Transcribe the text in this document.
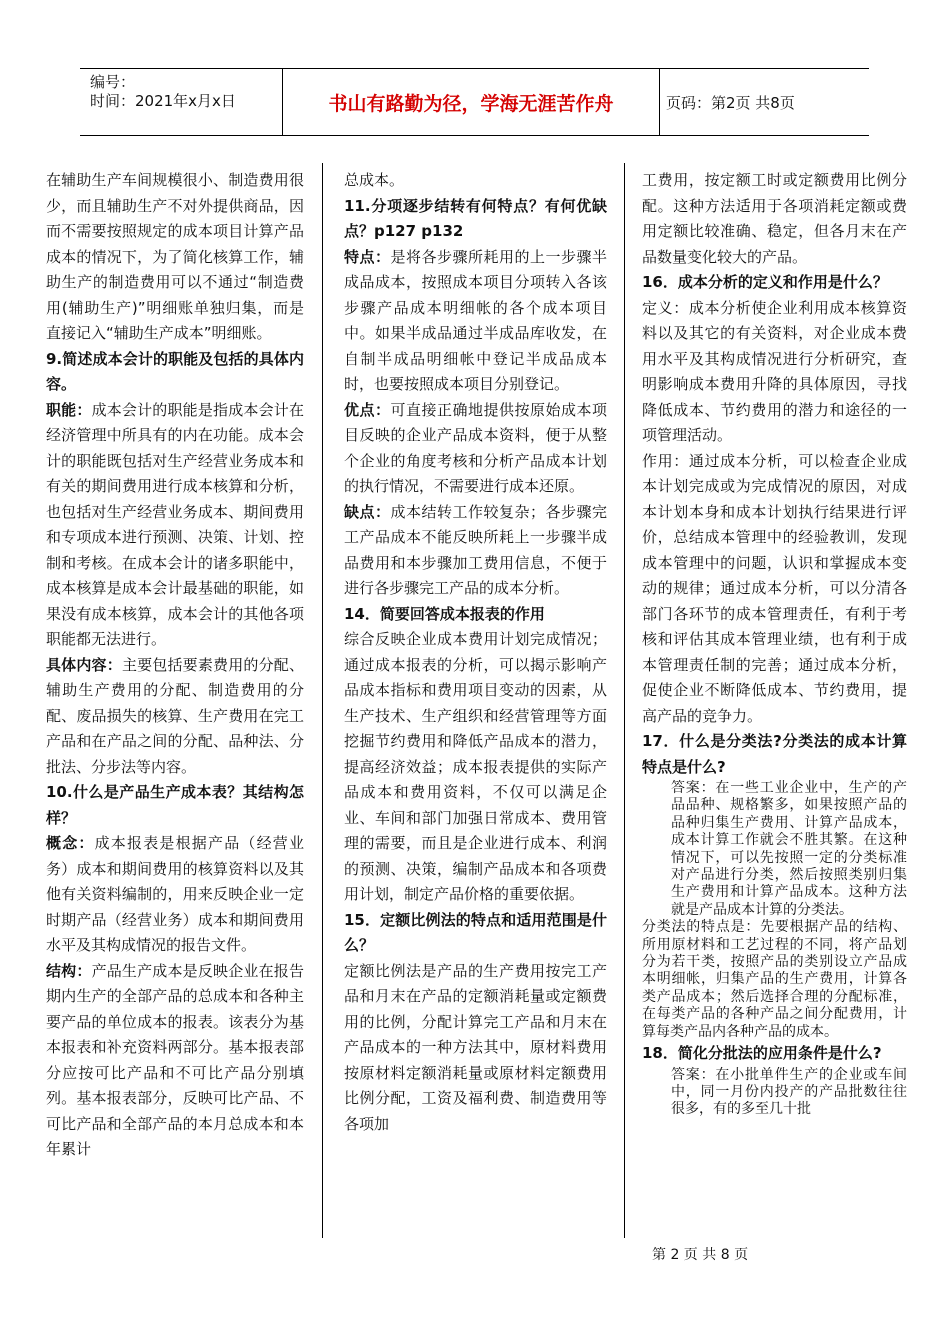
编号：
时间：2021年x月x日	书山有路勤为径，学海无涯苦作舟	页码：第2页 共8页

在辅助生产车间规模很小、制造费用很少，而且辅助生产不对外提供商品，因而不需要按照规定的成本项目计算产品成本的情况下，为了简化核算工作，辅助生产的制造费用可以不通过“制造费用(辅助生产)”明细账单独归集，而是直接记入“辅助生产成本”明细账。

9.简述成本会计的职能及包括的具体内容。

职能：成本会计的职能是指成本会计在经济管理中所具有的内在功能。成本会计的职能既包括对生产经营业务成本和有关的期间费用进行成本核算和分析，也包括对生产经营业务成本、期间费用和专项成本进行预测、决策、计划、控制和考核。在成本会计的诸多职能中，成本核算是成本会计最基础的职能，如果没有成本核算，成本会计的其他各项职能都无法进行。

具体内容：主要包括要素费用的分配、辅助生产费用的分配、制造费用的分配、废品损失的核算、生产费用在完工产品和在产品之间的分配、品种法、分批法、分步法等内容。

10.什么是产品生产成本表？其结构怎样？

概念：成本报表是根据产品（经营业务）成本和期间费用的核算资料以及其他有关资料编制的，用来反映企业一定时期产品（经营业务）成本和期间费用水平及其构成情况的报告文件。

结构：产品生产成本是反映企业在报告期内生产的全部产品的总成本和各种主要产品的单位成本的报表。该表分为基本报表和补充资料两部分。基本报表部分应按可比产品和不可比产品分别填列。基本报表部分，反映可比产品、不可比产品和全部产品的本月总成本和本年累计

总成本。

11.分项逐步结转有何特点？有何优缺点？p127 p132

特点：是将各步骤所耗用的上一步骤半成品成本，按照成本项目分项转入各该步骤产品成本明细帐的各个成本项目中。如果半成品通过半成品库收发，在自制半成品明细帐中登记半成品成本时，也要按照成本项目分别登记。

优点：可直接正确地提供按原始成本项目反映的企业产品成本资料，便于从整个企业的角度考核和分析产品成本计划的执行情况，不需要进行成本还原。

缺点：成本结转工作较复杂；各步骤完工产品成本不能反映所耗上一步骤半成品费用和本步骤加工费用信息，不便于进行各步骤完工产品的成本分析。

14．简要回答成本报表的作用

综合反映企业成本费用计划完成情况；通过成本报表的分析，可以揭示影响产品成本指标和费用项目变动的因素，从生产技术、生产组织和经营管理等方面挖掘节约费用和降低产品成本的潜力，提高经济效益；成本报表提供的实际产品成本和费用资料，不仅可以满足企业、车间和部门加强日常成本、费用管理的需要，而且是企业进行成本、利润的预测、决策，编制产品成本和各项费用计划，制定产品价格的重要依据。

15．定额比例法的特点和适用范围是什么？

定额比例法是产品的生产费用按完工产品和月末在产品的定额消耗量或定额费用的比例，分配计算完工产品和月末在产品成本的一种方法其中，原材料费用按原材料定额消耗量或原材料定额费用比例分配，工资及福利费、制造费用等各项加

工费用，按定额工时或定额费用比例分配。这种方法适用于各项消耗定额或费用定额比较准确、稳定，但各月末在产品数量变化较大的产品。

16．成本分析的定义和作用是什么？

定义：成本分析使企业利用成本核算资料以及其它的有关资料，对企业成本费用水平及其构成情况进行分析研究，查明影响成本费用升降的具体原因，寻找降低成本、节约费用的潜力和途径的一项管理活动。

作用：通过成本分析，可以检查企业成本计划完成或为完成情况的原因，对成本计划本身和成本计划执行结果进行评价，总结成本管理中的经验教训，发现成本管理中的问题，认识和掌握成本变动的规律；通过成本分析，可以分清各部门各环节的成本管理责任，有利于考核和评估其成本管理业绩，也有利于成本管理责任制的完善；通过成本分析，促使企业不断降低成本、节约费用，提高产品的竞争力。

17．什么是分类法?分类法的成本计算特点是什么?

答案：在一些工业企业中，生产的产品品种、规格繁多，如果按照产品的品种归集生产费用、计算产品成本，成本计算工作就会不胜其繁。在这种情况下，可以先按照一定的分类标准对产品进行分类，然后按照类别归集生产费用和计算产品成本。这种方法就是产品成本计算的分类法。

分类法的特点是：先要根据产品的结构、所用原材料和工艺过程的不同，将产品划分为若干类，按照产品的类别设立产品成本明细帐，归集产品的生产费用，计算各类产品成本；然后选择合理的分配标准，在每类产品的各种产品之间分配费用，计算每类产品内各种产品的成本。

18．简化分批法的应用条件是什么?

答案：在小批单件生产的企业或车间中，同一月份内投产的产品批数往往很多，有的多至几十批

第 2 页 共 8 页
